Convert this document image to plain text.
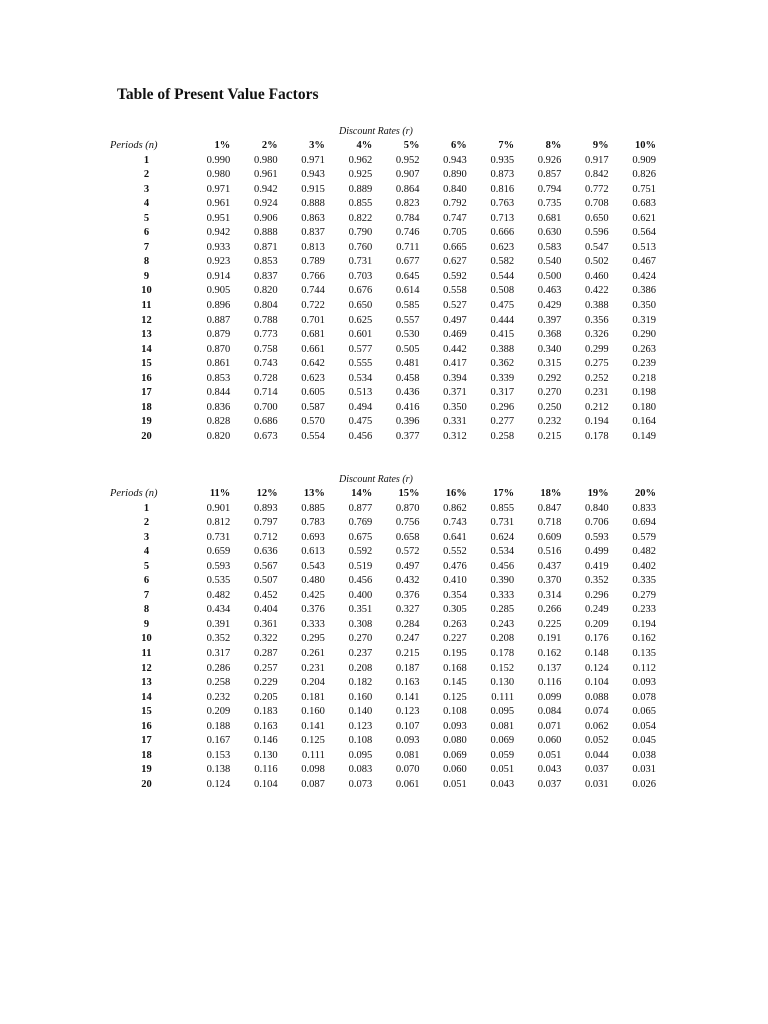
Table of Present Value Factors
Discount Rates (r)
Periods (n)	1%	2%	3%	4%	5%	6%	7%	8%	9%	10%
1	0.990	0.980	0.971	0.962	0.952	0.943	0.935	0.926	0.917	0.909
2	0.980	0.961	0.943	0.925	0.907	0.890	0.873	0.857	0.842	0.826
3	0.971	0.942	0.915	0.889	0.864	0.840	0.816	0.794	0.772	0.751
4	0.961	0.924	0.888	0.855	0.823	0.792	0.763	0.735	0.708	0.683
5	0.951	0.906	0.863	0.822	0.784	0.747	0.713	0.681	0.650	0.621
6	0.942	0.888	0.837	0.790	0.746	0.705	0.666	0.630	0.596	0.564
7	0.933	0.871	0.813	0.760	0.711	0.665	0.623	0.583	0.547	0.513
8	0.923	0.853	0.789	0.731	0.677	0.627	0.582	0.540	0.502	0.467
9	0.914	0.837	0.766	0.703	0.645	0.592	0.544	0.500	0.460	0.424
10	0.905	0.820	0.744	0.676	0.614	0.558	0.508	0.463	0.422	0.386
11	0.896	0.804	0.722	0.650	0.585	0.527	0.475	0.429	0.388	0.350
12	0.887	0.788	0.701	0.625	0.557	0.497	0.444	0.397	0.356	0.319
13	0.879	0.773	0.681	0.601	0.530	0.469	0.415	0.368	0.326	0.290
14	0.870	0.758	0.661	0.577	0.505	0.442	0.388	0.340	0.299	0.263
15	0.861	0.743	0.642	0.555	0.481	0.417	0.362	0.315	0.275	0.239
16	0.853	0.728	0.623	0.534	0.458	0.394	0.339	0.292	0.252	0.218
17	0.844	0.714	0.605	0.513	0.436	0.371	0.317	0.270	0.231	0.198
18	0.836	0.700	0.587	0.494	0.416	0.350	0.296	0.250	0.212	0.180
19	0.828	0.686	0.570	0.475	0.396	0.331	0.277	0.232	0.194	0.164
20	0.820	0.673	0.554	0.456	0.377	0.312	0.258	0.215	0.178	0.149
Discount Rates (r)
Periods (n)	11%	12%	13%	14%	15%	16%	17%	18%	19%	20%
1	0.901	0.893	0.885	0.877	0.870	0.862	0.855	0.847	0.840	0.833
2	0.812	0.797	0.783	0.769	0.756	0.743	0.731	0.718	0.706	0.694
3	0.731	0.712	0.693	0.675	0.658	0.641	0.624	0.609	0.593	0.579
4	0.659	0.636	0.613	0.592	0.572	0.552	0.534	0.516	0.499	0.482
5	0.593	0.567	0.543	0.519	0.497	0.476	0.456	0.437	0.419	0.402
6	0.535	0.507	0.480	0.456	0.432	0.410	0.390	0.370	0.352	0.335
7	0.482	0.452	0.425	0.400	0.376	0.354	0.333	0.314	0.296	0.279
8	0.434	0.404	0.376	0.351	0.327	0.305	0.285	0.266	0.249	0.233
9	0.391	0.361	0.333	0.308	0.284	0.263	0.243	0.225	0.209	0.194
10	0.352	0.322	0.295	0.270	0.247	0.227	0.208	0.191	0.176	0.162
11	0.317	0.287	0.261	0.237	0.215	0.195	0.178	0.162	0.148	0.135
12	0.286	0.257	0.231	0.208	0.187	0.168	0.152	0.137	0.124	0.112
13	0.258	0.229	0.204	0.182	0.163	0.145	0.130	0.116	0.104	0.093
14	0.232	0.205	0.181	0.160	0.141	0.125	0.111	0.099	0.088	0.078
15	0.209	0.183	0.160	0.140	0.123	0.108	0.095	0.084	0.074	0.065
16	0.188	0.163	0.141	0.123	0.107	0.093	0.081	0.071	0.062	0.054
17	0.167	0.146	0.125	0.108	0.093	0.080	0.069	0.060	0.052	0.045
18	0.153	0.130	0.111	0.095	0.081	0.069	0.059	0.051	0.044	0.038
19	0.138	0.116	0.098	0.083	0.070	0.060	0.051	0.043	0.037	0.031
20	0.124	0.104	0.087	0.073	0.061	0.051	0.043	0.037	0.031	0.026
